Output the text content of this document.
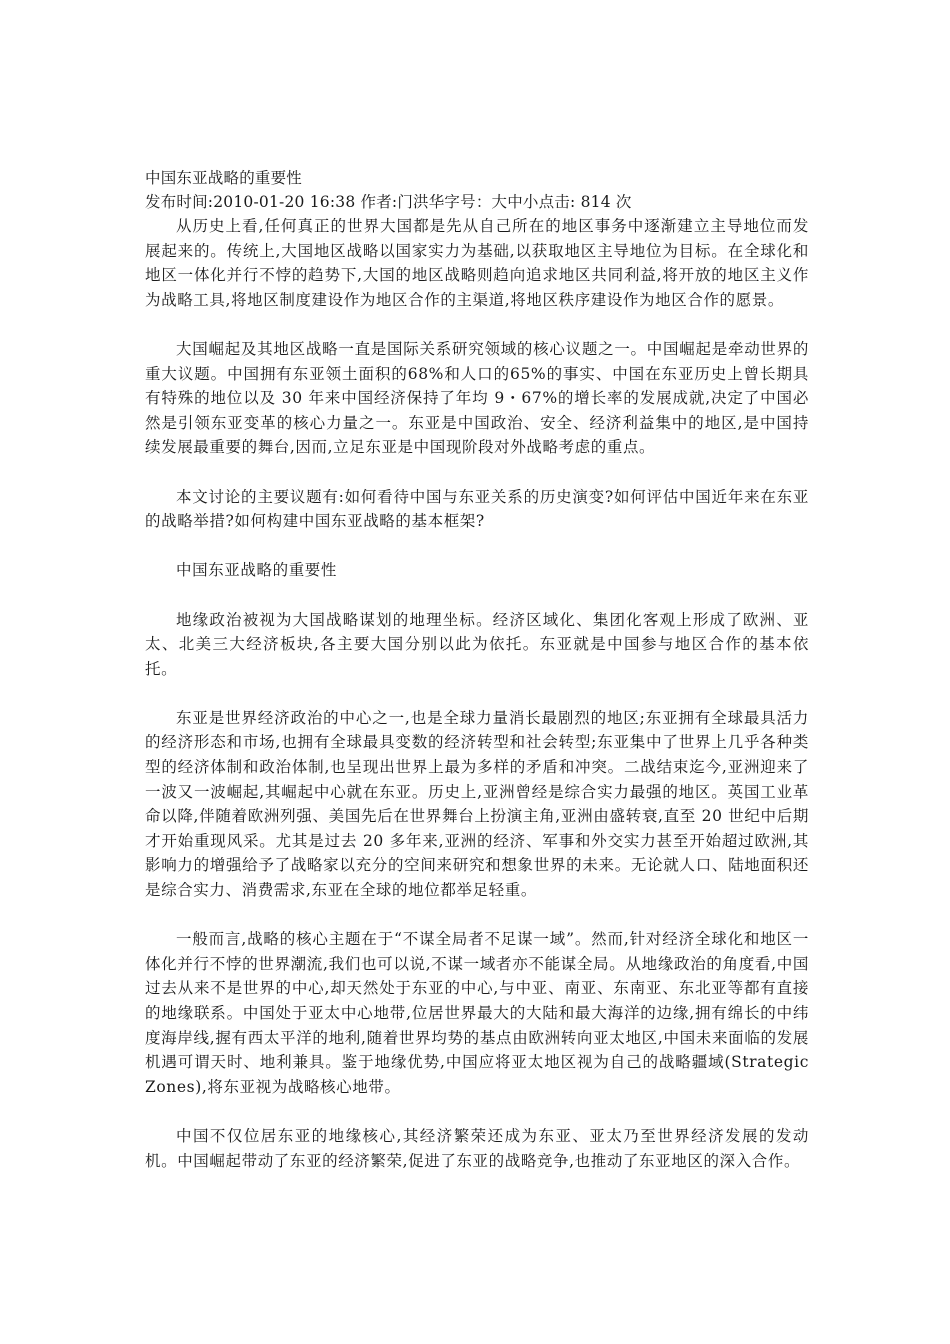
中国东亚战略的重要性

发布时间:2010-01-20 16:38 作者:门洪华字号：大中小点击: 814 次

从历史上看,任何真正的世界大国都是先从自己所在的地区事务中逐渐建立主导地位而发展起来的。传统上,大国地区战略以国家实力为基础,以获取地区主导地位为目标。在全球化和地区一体化并行不悖的趋势下,大国的地区战略则趋向追求地区共同利益,将开放的地区主义作为战略工具,将地区制度建设作为地区合作的主渠道,将地区秩序建设作为地区合作的愿景。

大国崛起及其地区战略一直是国际关系研究领域的核心议题之一。中国崛起是牵动世界的重大议题。中国拥有东亚领土面积的68%和人口的65%的事实、中国在东亚历史上曾长期具有特殊的地位以及 30 年来中国经济保持了年均 9・67%的增长率的发展成就,决定了中国必然是引领东亚变革的核心力量之一。东亚是中国政治、安全、经济利益集中的地区,是中国持续发展最重要的舞台,因而,立足东亚是中国现阶段对外战略考虑的重点。

本文讨论的主要议题有:如何看待中国与东亚关系的历史演变?如何评估中国近年来在东亚的战略举措?如何构建中国东亚战略的基本框架?

中国东亚战略的重要性

地缘政治被视为大国战略谋划的地理坐标。经济区域化、集团化客观上形成了欧洲、亚太、北美三大经济板块,各主要大国分别以此为依托。东亚就是中国参与地区合作的基本依托。

东亚是世界经济政治的中心之一,也是全球力量消长最剧烈的地区;东亚拥有全球最具活力的经济形态和市场,也拥有全球最具变数的经济转型和社会转型;东亚集中了世界上几乎各种类型的经济体制和政治体制,也呈现出世界上最为多样的矛盾和冲突。二战结束迄今,亚洲迎来了一波又一波崛起,其崛起中心就在东亚。历史上,亚洲曾经是综合实力最强的地区。英国工业革命以降,伴随着欧洲列强、美国先后在世界舞台上扮演主角,亚洲由盛转衰,直至 20 世纪中后期才开始重现风采。尤其是过去 20 多年来,亚洲的经济、军事和外交实力甚至开始超过欧洲,其影响力的增强给予了战略家以充分的空间来研究和想象世界的未来。无论就人口、陆地面积还是综合实力、消费需求,东亚在全球的地位都举足轻重。

一般而言,战略的核心主题在于“不谋全局者不足谋一域”。然而,针对经济全球化和地区一体化并行不悖的世界潮流,我们也可以说,不谋一域者亦不能谋全局。从地缘政治的角度看,中国过去从来不是世界的中心,却天然处于东亚的中心,与中亚、南亚、东南亚、东北亚等都有直接的地缘联系。中国处于亚太中心地带,位居世界最大的大陆和最大海洋的边缘,拥有绵长的中纬度海岸线,握有西太平洋的地利,随着世界均势的基点由欧洲转向亚太地区,中国未来面临的发展机遇可谓天时、地利兼具。鉴于地缘优势,中国应将亚太地区视为自己的战略疆域(Strategic Zones),将东亚视为战略核心地带。

中国不仅位居东亚的地缘核心,其经济繁荣还成为东亚、亚太乃至世界经济发展的发动机。中国崛起带动了东亚的经济繁荣,促进了东亚的战略竞争,也推动了东亚地区的深入合作。
